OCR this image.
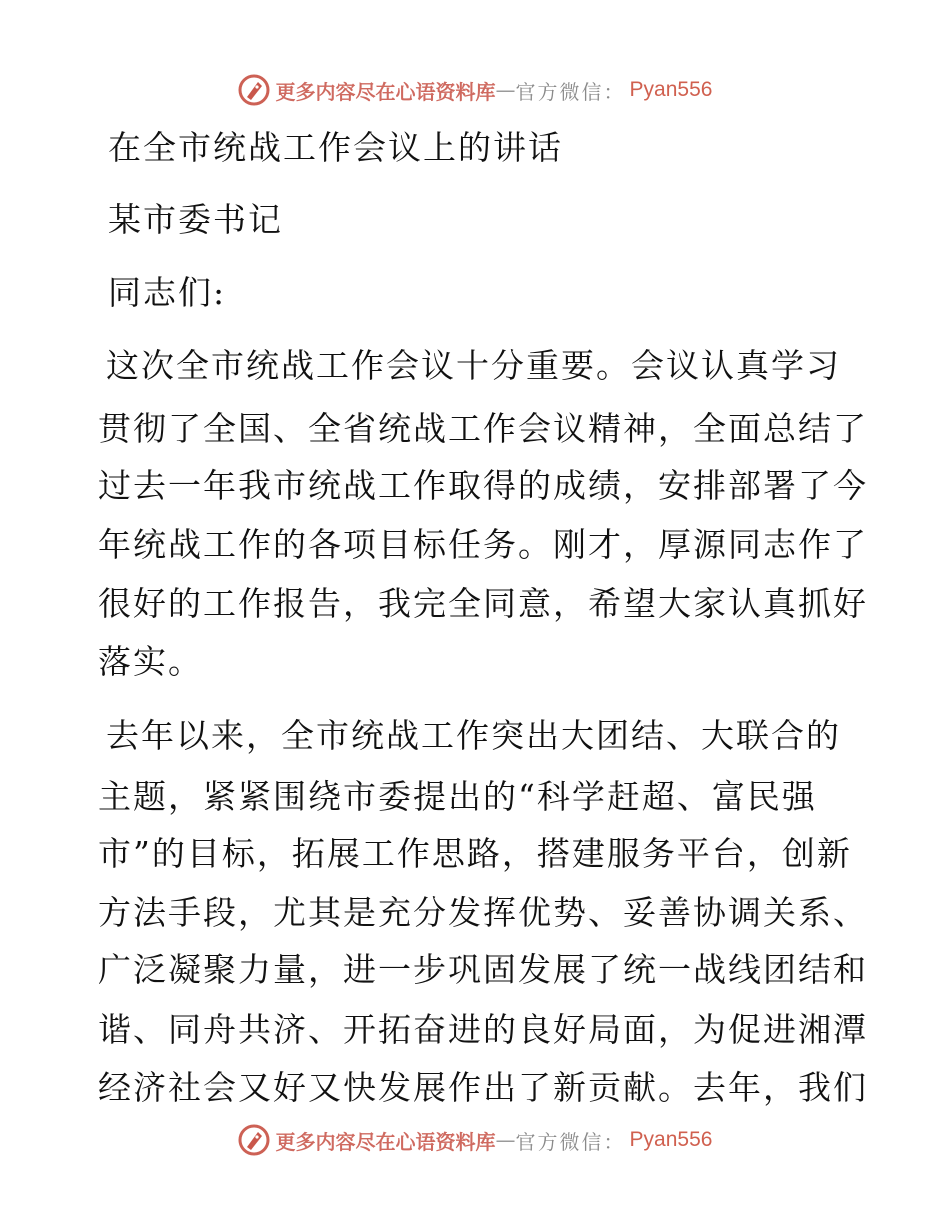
更多内容尽在心语资料库 — 官方微信： Pyan556
在全市统战工作会议上的讲话
某市委书记
同志们:
这次全市统战工作会议十分重要。会议认真学习
贯彻了全国、全省统战工作会议精神，全面总结了
过去一年我市统战工作取得的成绩，安排部署了今
年统战工作的各项目标任务。刚才，厚源同志作了
很好的工作报告，我完全同意，希望大家认真抓好
落实。
去年以来，全市统战工作突出大团结、大联合的
主题，紧紧围绕市委提出的“科学赶超、富民强
市”的目标，拓展工作思路，搭建服务平台，创新
方法手段，尤其是充分发挥优势、妥善协调关系、
广泛凝聚力量，进一步巩固发展了统一战线团结和
谐、同舟共济、开拓奋进的良好局面，为促进湘潭
经济社会又好又快发展作出了新贡献。去年，我们
更多内容尽在心语资料库 — 官方微信： Pyan556
